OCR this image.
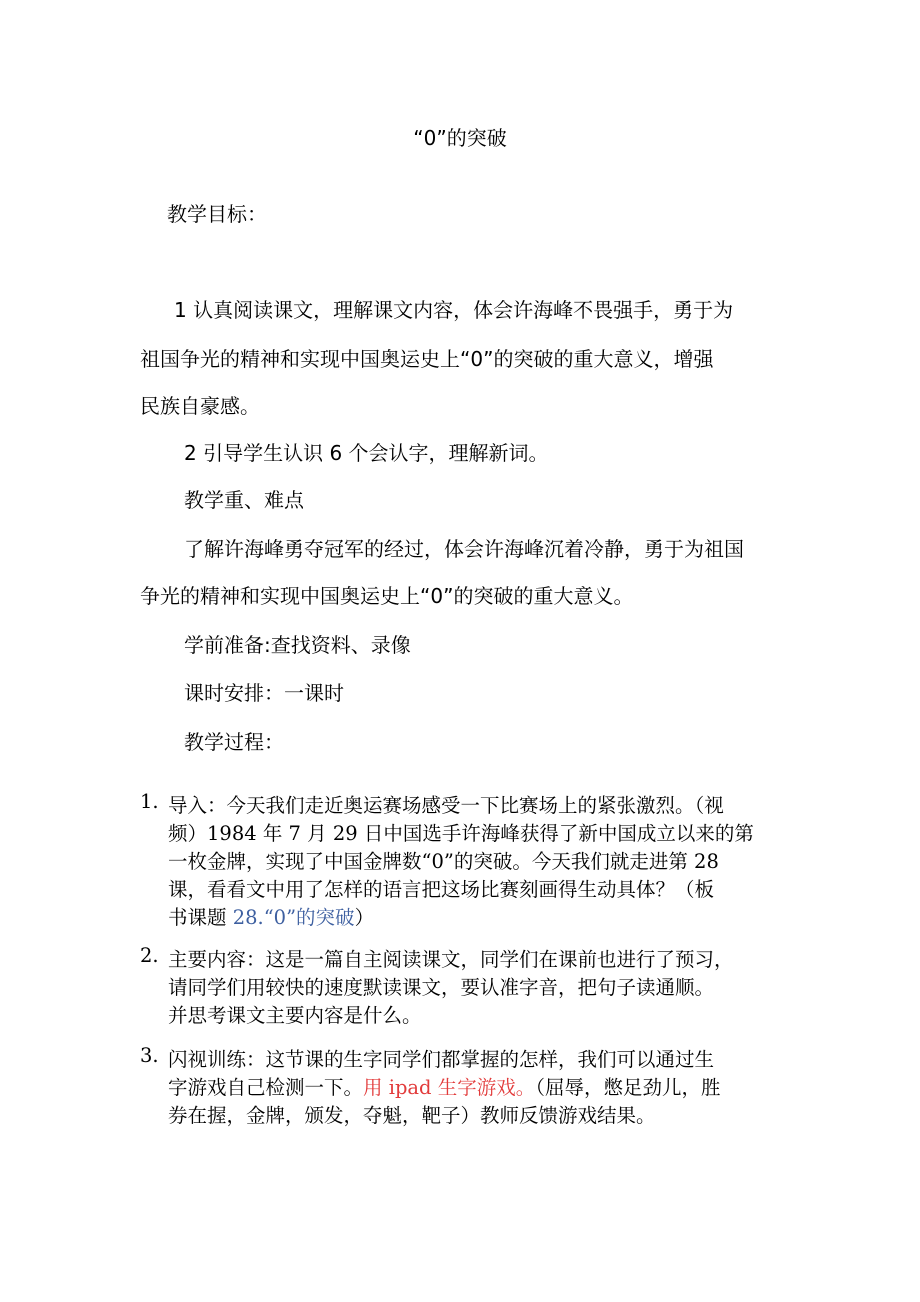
“0”的突破
教学目标：
1 认真阅读课文，理解课文内容，体会许海峰不畏强手，勇于为
祖国争光的精神和实现中国奥运史上“0”的突破的重大意义，增强
民族自豪感。
2 引导学生认识 6 个会认字，理解新词。
教学重、难点
了解许海峰勇夺冠军的经过，体会许海峰沉着冷静，勇于为祖国
争光的精神和实现中国奥运史上“0”的突破的重大意义。
学前准备:查找资料、录像
课时安排：一课时
教学过程：
1. 导入：今天我们走近奥运赛场感受一下比赛场上的紧张激烈。（视
频）1984 年 7 月 29 日中国选手许海峰获得了新中国成立以来的第
一枚金牌，实现了中国金牌数“0”的突破。今天我们就走进第 28
课，看看文中用了怎样的语言把这场比赛刻画得生动具体？（板
书课题 28.“0”的突破）
2. 主要内容：这是一篇自主阅读课文，同学们在课前也进行了预习，
请同学们用较快的速度默读课文，要认准字音，把句子读通顺。
并思考课文主要内容是什么。
3. 闪视训练：这节课的生字同学们都掌握的怎样，我们可以通过生
字游戏自己检测一下。用 ipad 生字游戏。（屈辱，憋足劲儿，胜
券在握，金牌，颁发，夺魁，靶子）教师反馈游戏结果。
